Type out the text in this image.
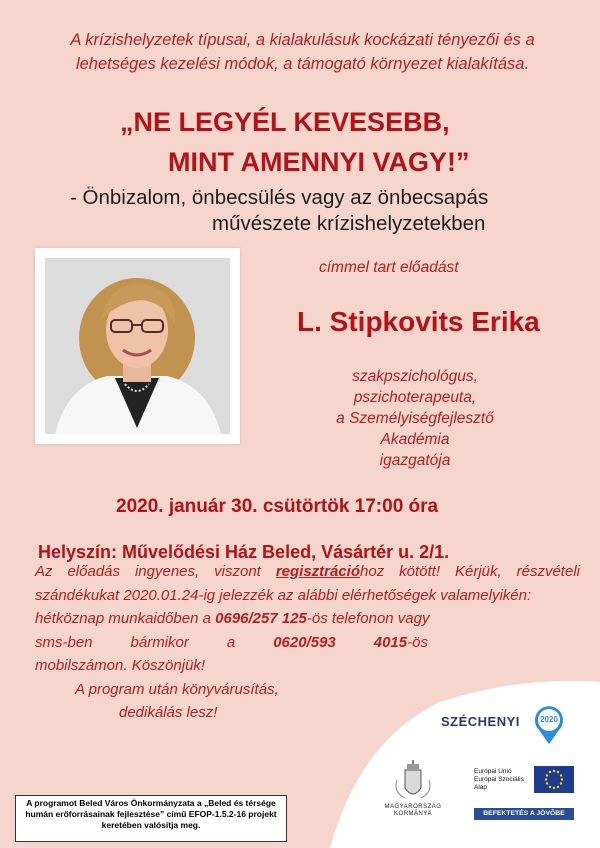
A krízishelyzetek típusai, a kialakulásuk kockázati tényezői és a
lehetséges kezelési módok, a támogató környezet kialakítása.
„NE LEGYÉL KEVESEBB,
MINT AMENNYI VAGY!”
- Önbizalom, önbecsülés vagy az önbecsapás
művészete krízishelyzetekben
címmel tart előadást
L. Stipkovits Erika
szakpszichológus, pszichoterapeuta,
a Személyiségfejlesztő Akadémia
igazgatója
2020. január 30. csütörtök 17:00 óra
Helyszín: Művelődési Ház Beled, Vásártér u. 2/1.
Az előadás ingyenes, viszont regisztrációhoz kötött! Kérjük, részvételi
szándékukat 2020.01.24-ig jelezzék az alábbi elérhetőségek valamelyikén:
hétköznap munkaidőben a 0696/257 125-ös telefonon vagy
sms-ben	bármikor	a	0620/593	4015-ös
mobilszámon. Köszönjük!
A program után könyvárusítás,
dedikálás lesz!
SZÉCHENYI	2020
MAGYARORSZÁG
KORMÁNYA
Európai Unió
Európai Szociális
Alap
BEFEKTETÉS A JÖVŐBE
A programot Beled Város Önkormányzata a „Beled és térsége humán erőforrásainak fejlesztése” című EFOP-1.5.2-16 projekt keretében valósítja meg.
